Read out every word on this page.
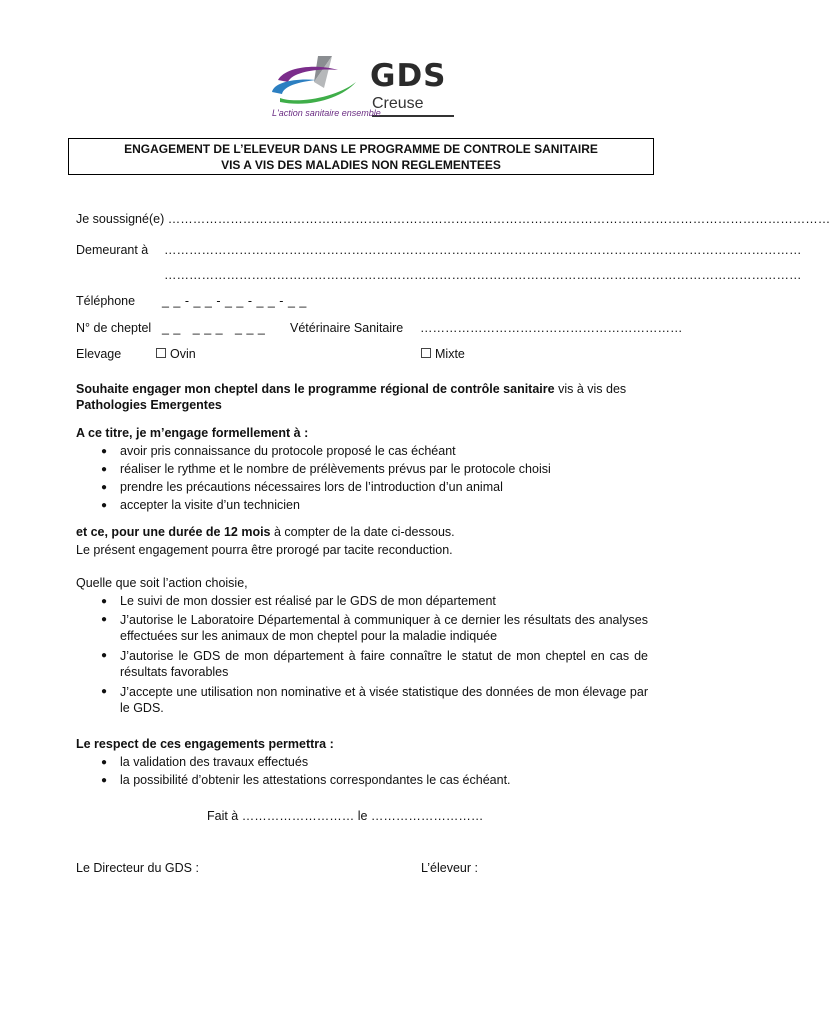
GDS
Creuse
L'action sanitaire ensemble
ENGAGEMENT DE L’ELEVEUR DANS LE PROGRAMME DE CONTROLE SANITAIRE
VIS A VIS DES MALADIES NON REGLEMENTEES
Je soussigné(e) ……………………………………………………………………………………………………………………………………………
Demeurant à ………………………………………………………………………………………………………………………………………
………………………………………………………………………………………………………………………………………
Téléphone _ _ - _ _ - _ _ - _ _ - _ _
N° de cheptel _ _   _ _ _   _ _ _ Vétérinaire Sanitaire ………………………………………………………
Elevage	Ovin	Mixte
Souhaite engager mon cheptel dans le programme régional de contrôle sanitaire vis à vis des
Pathologies Emergentes
A ce titre, je m’engage formellement à :
● avoir pris connaissance du protocole proposé le cas échéant
● réaliser le rythme et le nombre de prélèvements prévus par le protocole choisi
● prendre les précautions nécessaires lors de l’introduction d’un animal
● accepter la visite d’un technicien
et ce, pour une durée de 12 mois à compter de la date ci-dessous.
Le présent engagement pourra être prorogé par tacite reconduction.
Quelle que soit l’action choisie,
● Le suivi de mon dossier est réalisé par le GDS de mon département
● J’autorise le Laboratoire Départemental à communiquer à ce dernier les résultats des analyses effectuées sur les animaux de mon cheptel pour la maladie indiquée
● J’autorise le GDS de mon département à faire connaître le statut de mon cheptel en cas de résultats favorables
● J’accepte une utilisation non nominative et à visée statistique des données de mon élevage par le GDS.
Le respect de ces engagements permettra :
● la validation des travaux effectués
● la possibilité d’obtenir les attestations correspondantes le cas échéant.
Fait à ……………………… le ………………………
Le Directeur du GDS :	L’éleveur :
